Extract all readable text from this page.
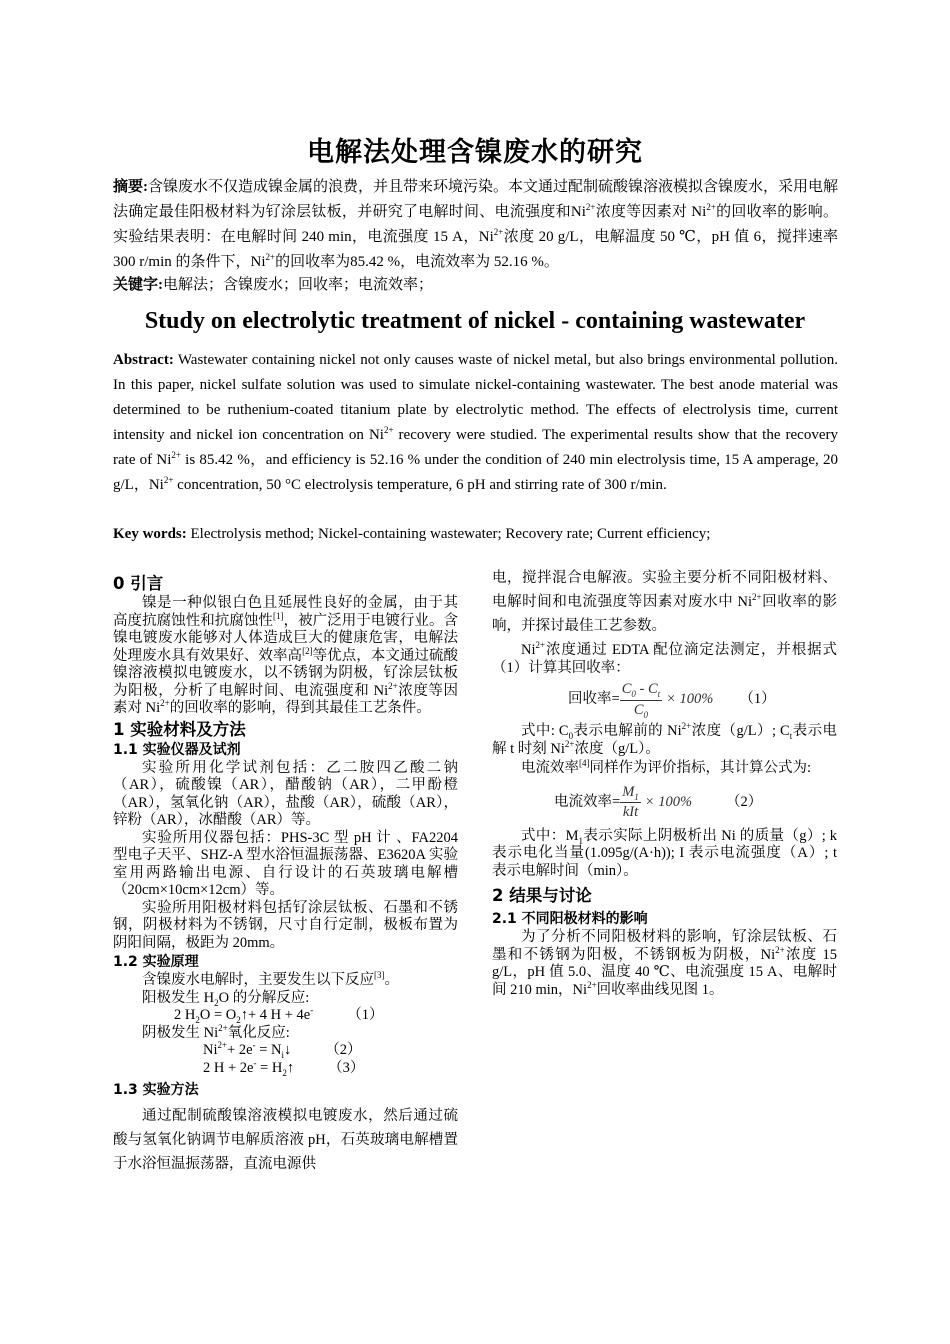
电解法处理含镍废水的研究
摘要:含镍废水不仅造成镍金属的浪费，并且带来环境污染。本文通过配制硫酸镍溶液模拟含镍废水，采用电解法确定最佳阳极材料为钌涂层钛板，并研究了电解时间、电流强度和$Ni^{2+}$浓度等因素对 $Ni^{2+}$的回收率的影响。实验结果表明：在电解时间 240 min，电流强度 15 A，$Ni^{2+}$浓度 20 g/L，电解温度 50 ℃，pH 值 6，搅拌速率 300 r/min 的条件下，$Ni^{2+}$的回收率为85.42 %，电流效率为 52.16 %。
关键字:电解法；含镍废水；回收率；电流效率；
Study on electrolytic treatment of nickel - containing wastewater
Abstract: Wastewater containing nickel not only causes waste of nickel metal, but also brings environmental pollution. In this paper, nickel sulfate solution was used to simulate nickel-containing wastewater. The best anode material was determined to be ruthenium-coated titanium plate by electrolytic method. The effects of electrolysis time, current intensity and nickel ion concentration on $Ni^{2+}$ recovery were studied. The experimental results show that the recovery rate of $Ni^{2+}$ is 85.42 %，and efficiency is 52.16 % under the condition of 240 min electrolysis time, 15 A amperage, 20 g/L，$Ni^{2+}$ concentration, 50 °C electrolysis temperature, 6 pH and stirring rate of 300 r/min.
Key words: Electrolysis method; Nickel-containing wastewater; Recovery rate; Current efficiency;
0 引言

镍是一种似银白色且延展性良好的金属，由于其高度抗腐蚀性和抗腐蚀性[1]，被广泛用于电镀行业。含镍电镀废水能够对人体造成巨大的健康危害，电解法处理废水具有效果好、效率高[2]等优点，本文通过硫酸镍溶液模拟电镀废水，以不锈钢为阴极，钌涂层钛板为阳极，分析了电解时间、电流强度和 $Ni^{2+}$浓度等因素对 $Ni^{2+}$的回收率的影响，得到其最佳工艺条件。

1 实验材料及方法
1.1 实验仪器及试剂

实验所用化学试剂包括：乙二胺四乙酸二钠（AR），硫酸镍（AR），醋酸钠（AR），二甲酚橙（AR），氢氧化钠（AR），盐酸（AR），硫酸（AR），锌粉（AR），冰醋酸（AR）等。

实验所用仪器包括：PHS-3C 型 pH 计 、FA2204 型电子天平、SHZ-A 型水浴恒温振荡器、E3620A 实验室用两路输出电源、自行设计的石英玻璃电解槽（20cm×10cm×12cm）等。

实验所用阳极材料包括钌涂层钛板、石墨和不锈钢，阴极材料为不锈钢，尺寸自行定制，极板布置为阴阳间隔，极距为 20mm。

1.2 实验原理

含镍废水电解时，主要发生以下反应[3]。

阳极发生 $H_2O$ 的分解反应:

2 $H_2O$ = $O_2↑+ 4$ H + 4e- （1）

阴极发生 $Ni^{2+}$氧化反应:

$Ni^{2+}+ 2e^-$ = $N_i↓$ （2）

2 $H + 2e^- = H_2↑$ （3）

1.3 实验方法

通过配制硫酸镍溶液模拟电镀废水，然后通过硫酸与氢氧化钠调节电解质溶液 pH，石英玻璃电解槽置于水浴恒温振荡器，直流电源供

电，搅拌混合电解液。实验主要分析不同阳极材料、电解时间和电流强度等因素对废水中 $Ni^{2+}$回收率的影响，并探讨最佳工艺参数。

$Ni^{2+}$浓度通过 EDTA 配位滴定法测定，并根据式（1）计算其回收率：

回收率= $\frac{C_0 - C_t}{C_0} \times 100\%$ （1）

式中: $C_0$表示电解前的 $Ni^{2+}$浓度（g/L）; $C_t$表示电解 t 时刻 $Ni^{2+}$浓度（g/L）。

电流效率[4]同样作为评价指标，其计算公式为:

电流效率= $\frac{M_1}{\text{kIt}} \times 100\%$ （2）

式中：$M_1$表示实际上阴极析出 Ni 的质量（g）; k 表示电化当量(1.095g/(A·h)); I 表示电流强度（A）; t 表示电解时间（min）。

2 结果与讨论
2.1 不同阳极材料的影响

为了分析不同阳极材料的影响，钌涂层钛板、石墨和不锈钢为阳极，不锈钢板为阴极，$Ni^{2+}$浓度 15 g/L，pH 值 5.0、温度 40 ℃、电流强度 15 A、电解时间 210 min，$Ni^{2+}$回收率曲线见图 1。
